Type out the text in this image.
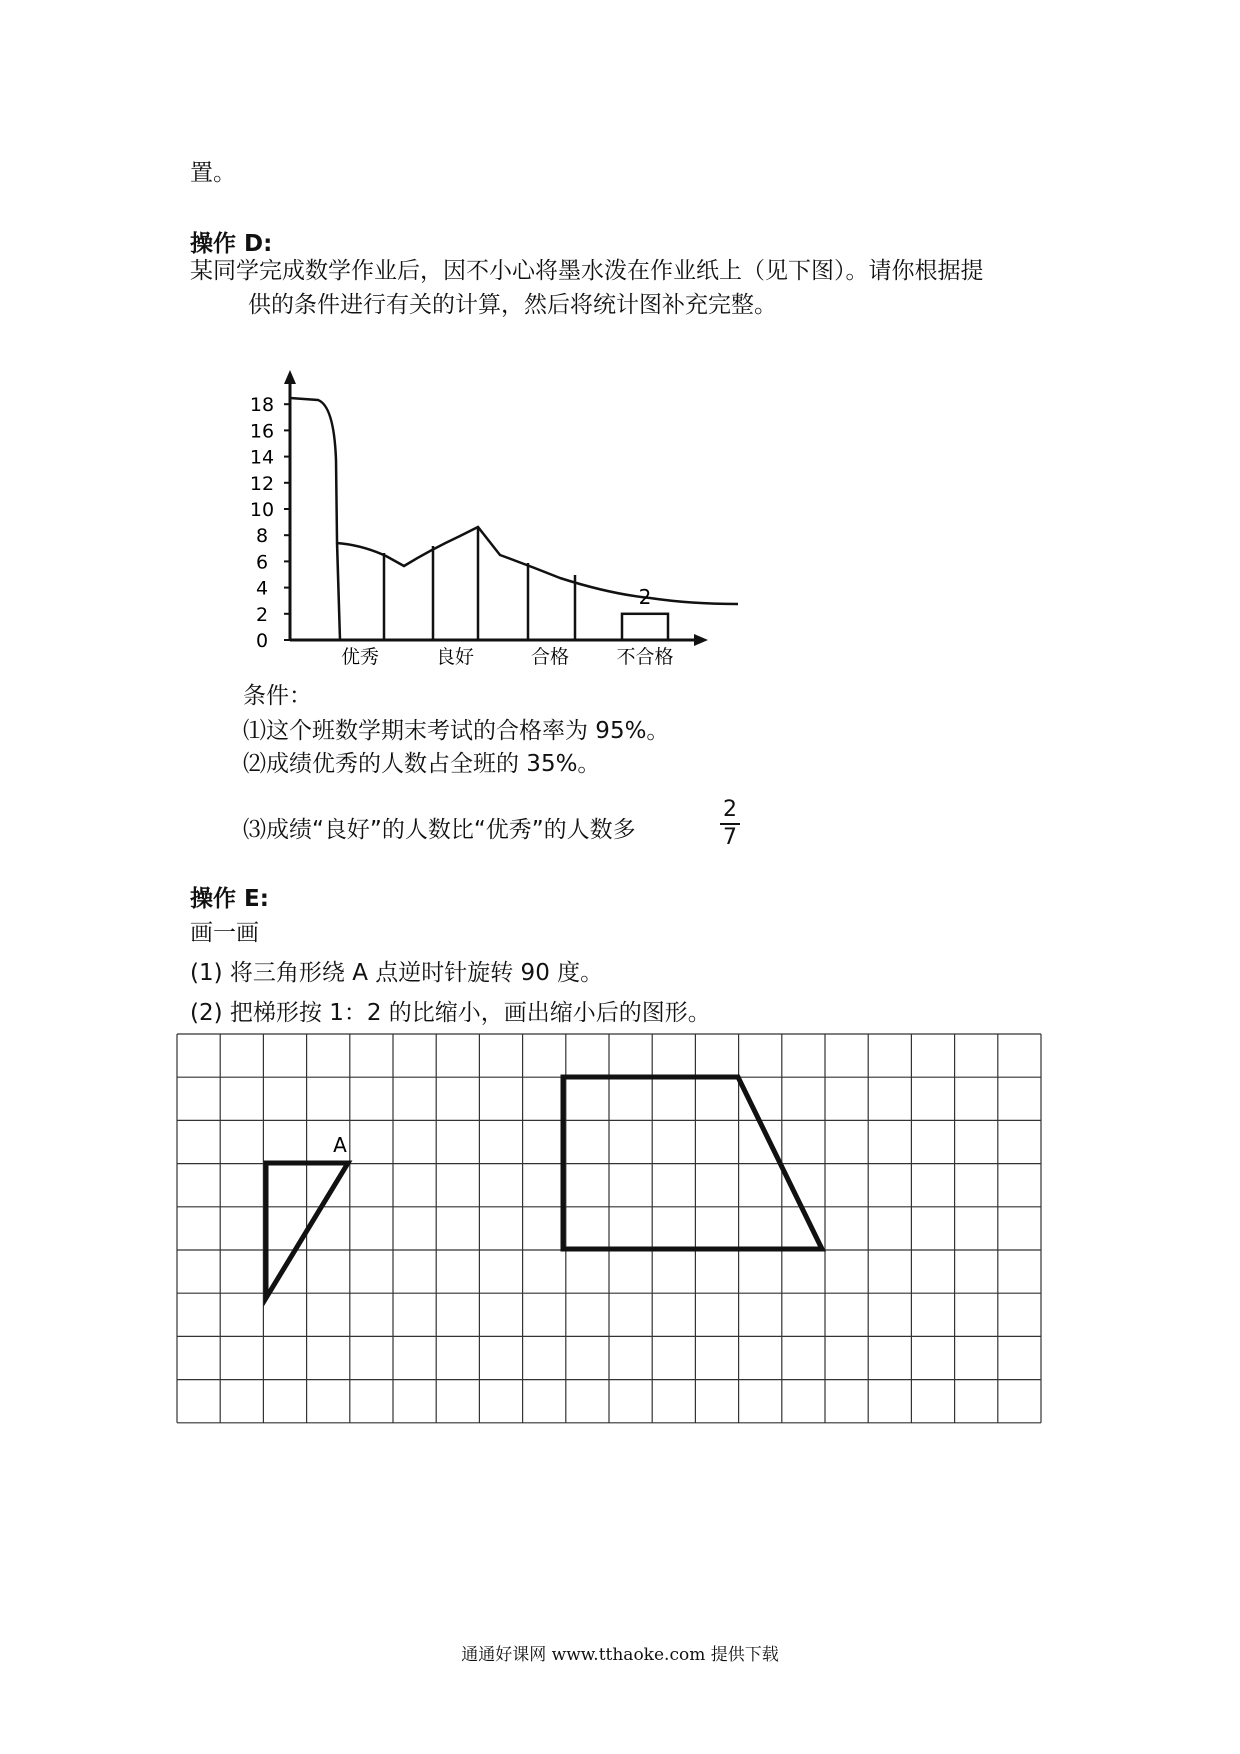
置。
操作 D:
某同学完成数学作业后，因不小心将墨水泼在作业纸上（见下图）。请你根据提
供的条件进行有关的计算，然后将统计图补充完整。
0
2
4
6
8
10
12
14
16
18
2
优秀	良好	合格 不合格
条件：
⑴这个班数学期末考试的合格率为 95%。
⑵成绩优秀的人数占全班的 35%。
⑶成绩“良好”的人数比“优秀”的人数多
2
7
操作 E:
画一画
(1) 将三角形绕 A 点逆时针旋转 90 度。
(2) 把梯形按 1：2 的比缩小，画出缩小后的图形。
A
通通好课网 www.tthaoke.com 提供下载
